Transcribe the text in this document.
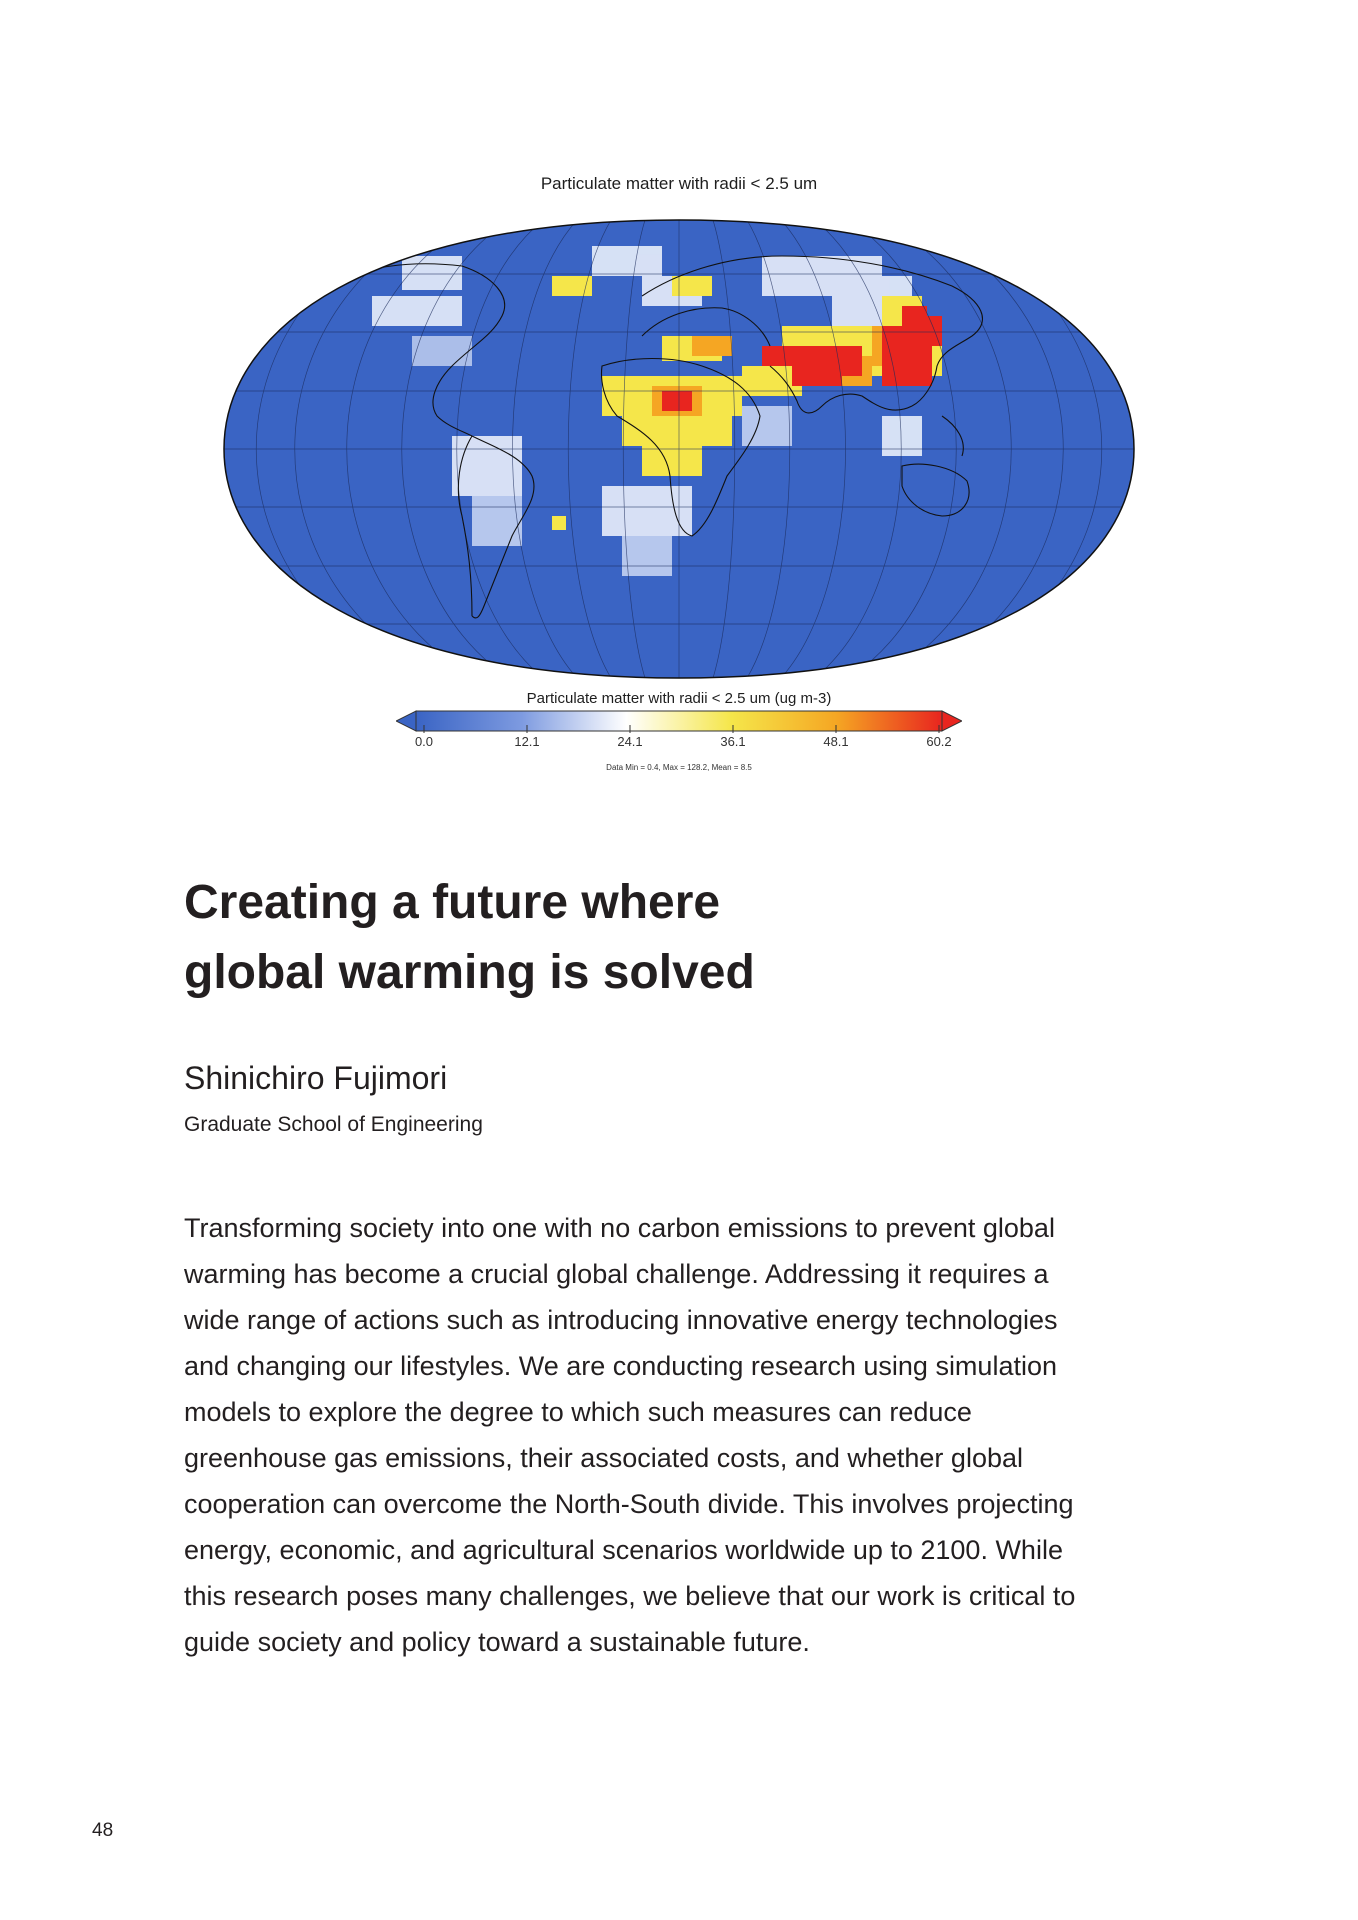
Particulate matter with radii < 2.5 um
Particulate matter with radii < 2.5 um (ug m-3)
0.0	12.1	24.1	36.1	48.1	60.2
Data Min = 0.4, Max = 128.2, Mean = 8.5
Creating a future where
global warming is solved
Shinichiro Fujimori
Graduate School of Engineering
Transforming society into one with no carbon emissions to prevent global
warming has become a crucial global challenge. Addressing it requires a
wide range of actions such as introducing innovative energy technologies
and changing our lifestyles. We are conducting research using simulation
models to explore the degree to which such measures can reduce
greenhouse gas emissions, their associated costs, and whether global
cooperation can overcome the North-South divide. This involves projecting
energy, economic, and agricultural scenarios worldwide up to 2100. While
this research poses many challenges, we believe that our work is critical to
guide society and policy toward a sustainable future.
48
